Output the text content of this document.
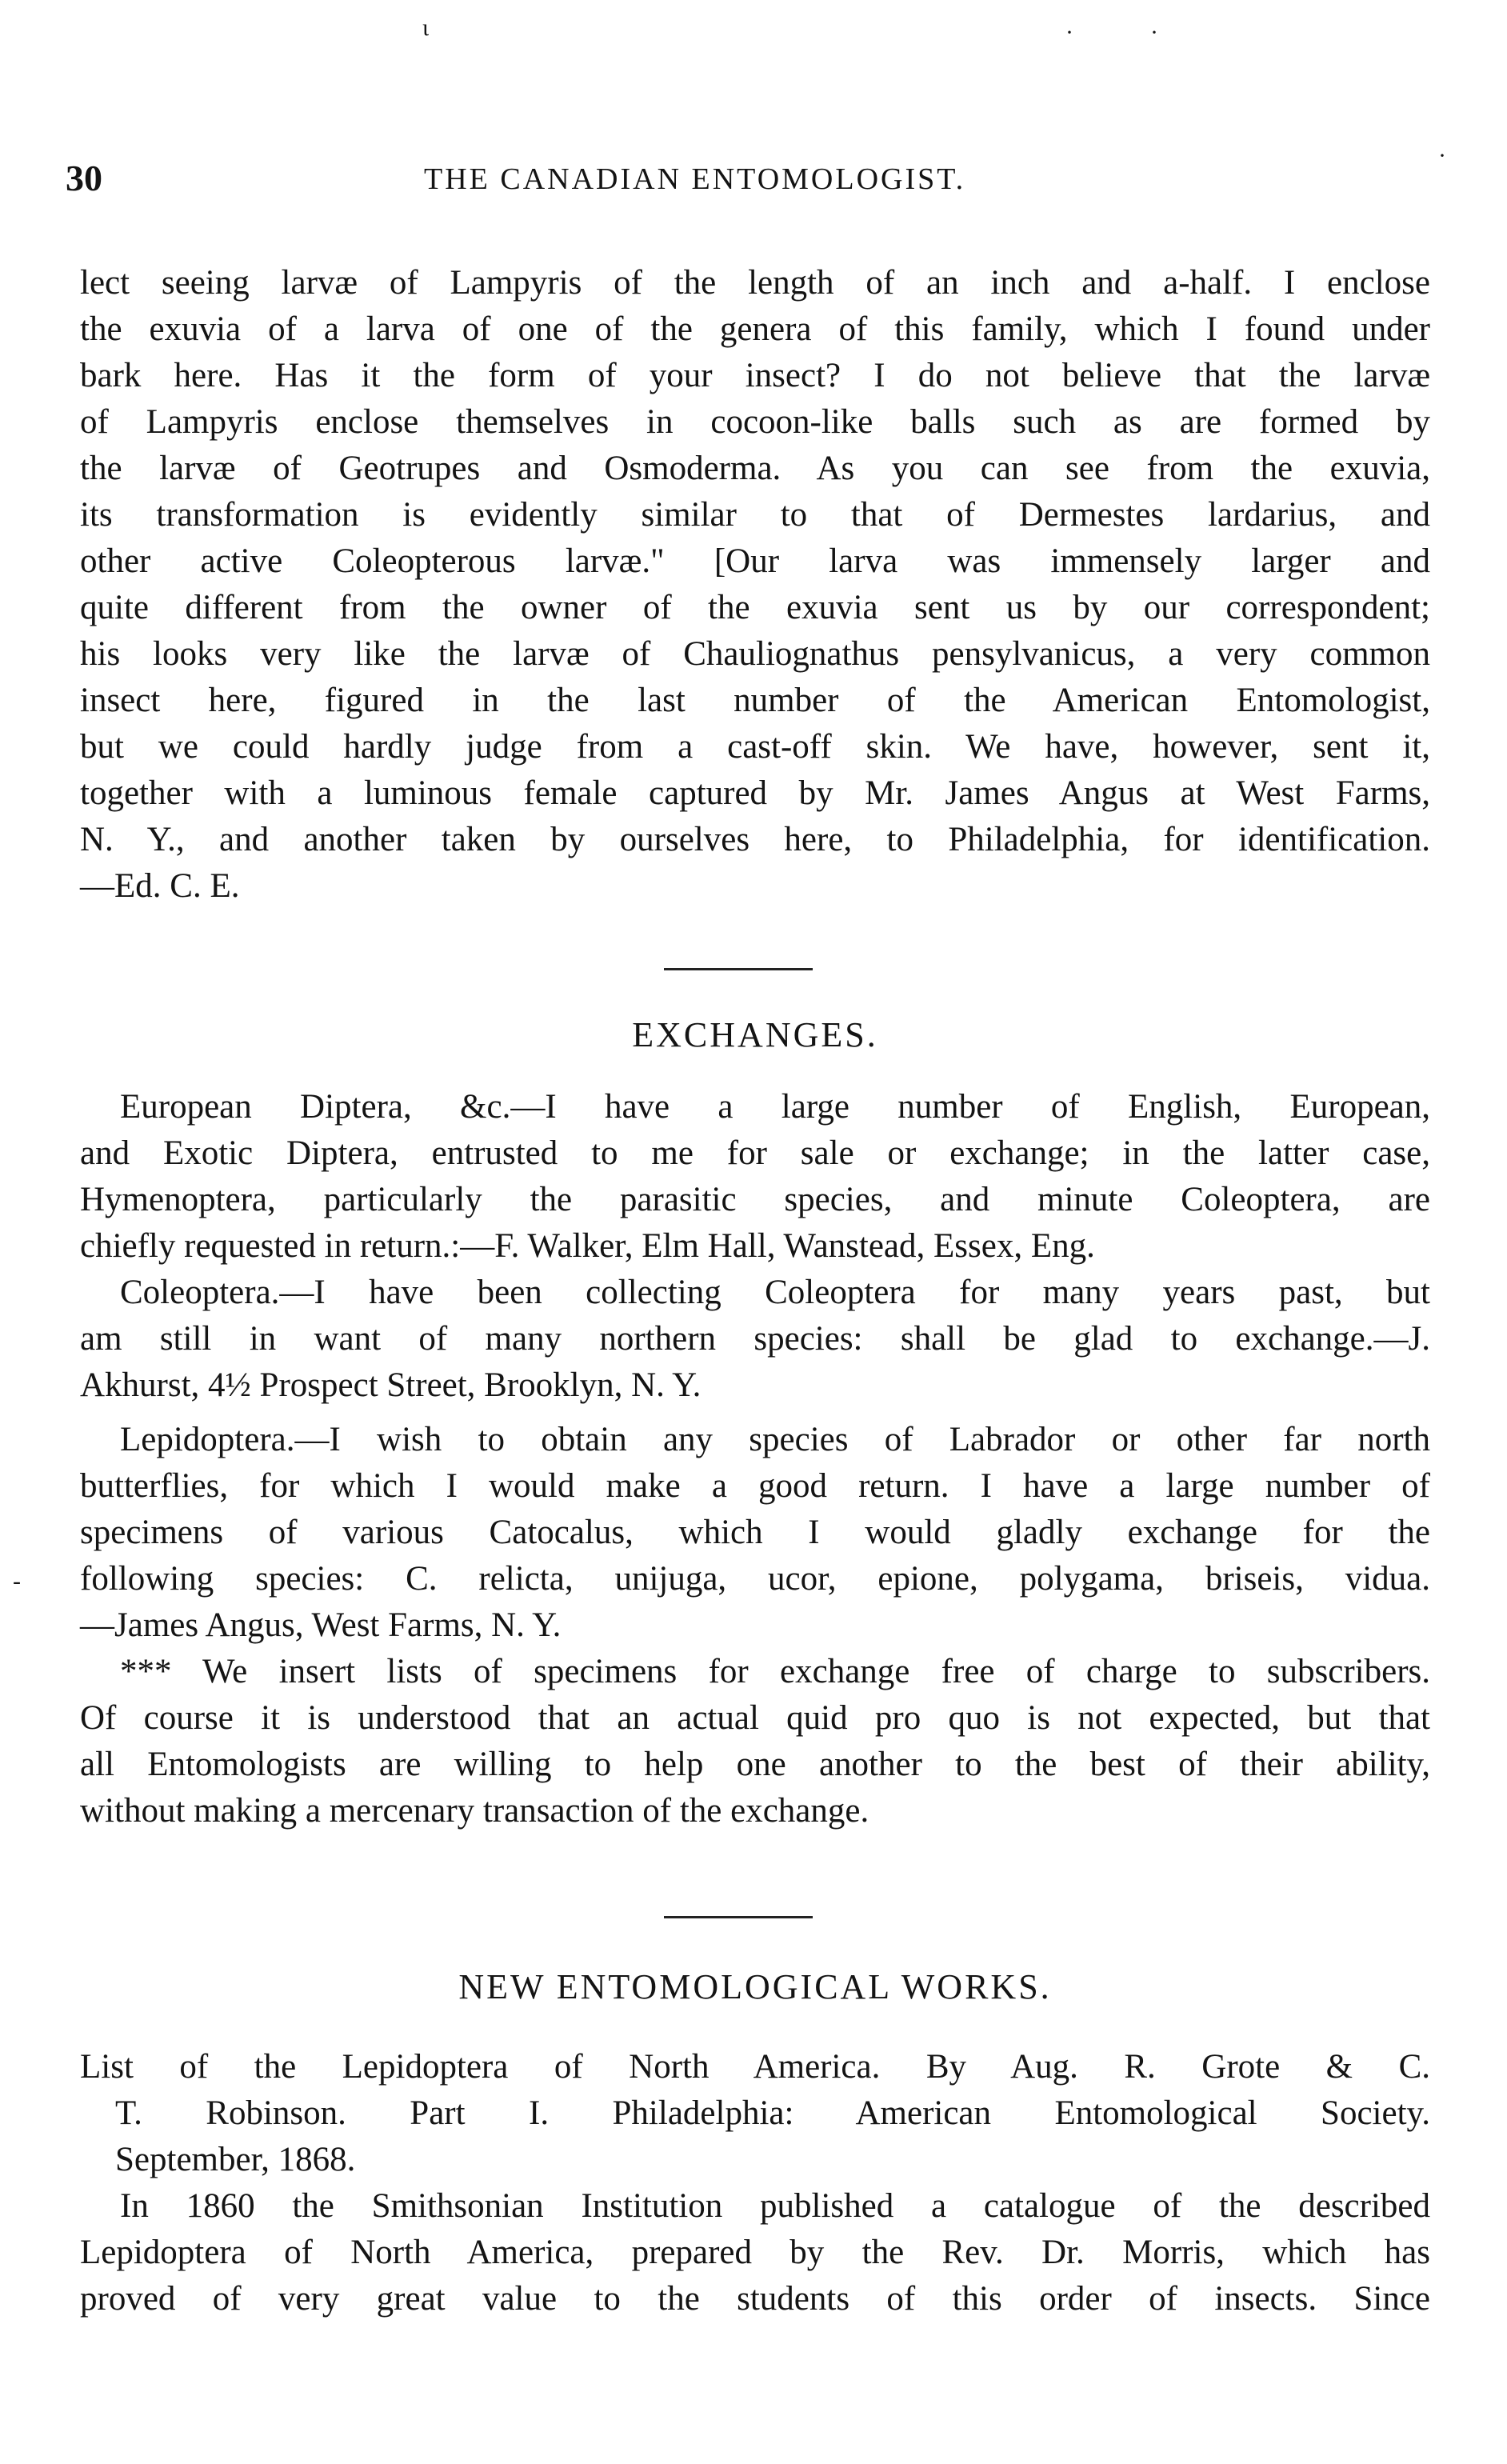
30	THE CANADIAN ENTOMOLOGIST.
ι	·	·
·
-
lect seeing larvæ of Lampyris of the length of an inch and a-half. I enclose
the exuvia of a larva of one of the genera of this family, which I found under
bark here. Has it the form of your insect? I do not believe that the larvæ
of Lampyris enclose themselves in cocoon-like balls such as are formed by
the larvæ of Geotrupes and Osmoderma. As you can see from the exuvia,
its transformation is evidently similar to that of Dermestes lardarius, and
other active Coleopterous larvæ." [Our larva was immensely larger and
quite different from the owner of the exuvia sent us by our correspondent;
his looks very like the larvæ of Chauliognathus pensylvanicus, a very common
insect here, figured in the last number of the American Entomologist,
but we could hardly judge from a cast-off skin. We have, however, sent it,
together with a luminous female captured by Mr. James Angus at West Farms,
N. Y., and another taken by ourselves here, to Philadelphia, for identification.
—Ed. C. E.
EXCHANGES.
European Diptera, &c.—I have a large number of English, European,
and Exotic Diptera, entrusted to me for sale or exchange; in the latter case,
Hymenoptera, particularly the parasitic species, and minute Coleoptera, are
chiefly requested in return.:—F. Walker, Elm Hall, Wanstead, Essex, Eng.
Coleoptera.—I have been collecting Coleoptera for many years past, but
am still in want of many northern species: shall be glad to exchange.—J.
Akhurst, 4½ Prospect Street, Brooklyn, N. Y.
Lepidoptera.—I wish to obtain any species of Labrador or other far north
butterflies, for which I would make a good return. I have a large number of
specimens of various Catocalus, which I would gladly exchange for the
following species: C. relicta, unijuga, ucor, epione, polygama, briseis, vidua.
—James Angus, West Farms, N. Y.
*** We insert lists of specimens for exchange free of charge to subscribers.
Of course it is understood that an actual quid pro quo is not expected, but that
all Entomologists are willing to help one another to the best of their ability,
without making a mercenary transaction of the exchange.
NEW ENTOMOLOGICAL WORKS.
List of the Lepidoptera of North America. By Aug. R. Grote & C.
T. Robinson. Part I. Philadelphia: American Entomological Society.
September, 1868.
In 1860 the Smithsonian Institution published a catalogue of the described
Lepidoptera of North America, prepared by the Rev. Dr. Morris, which has
proved of very great value to the students of this order of insects. Since
